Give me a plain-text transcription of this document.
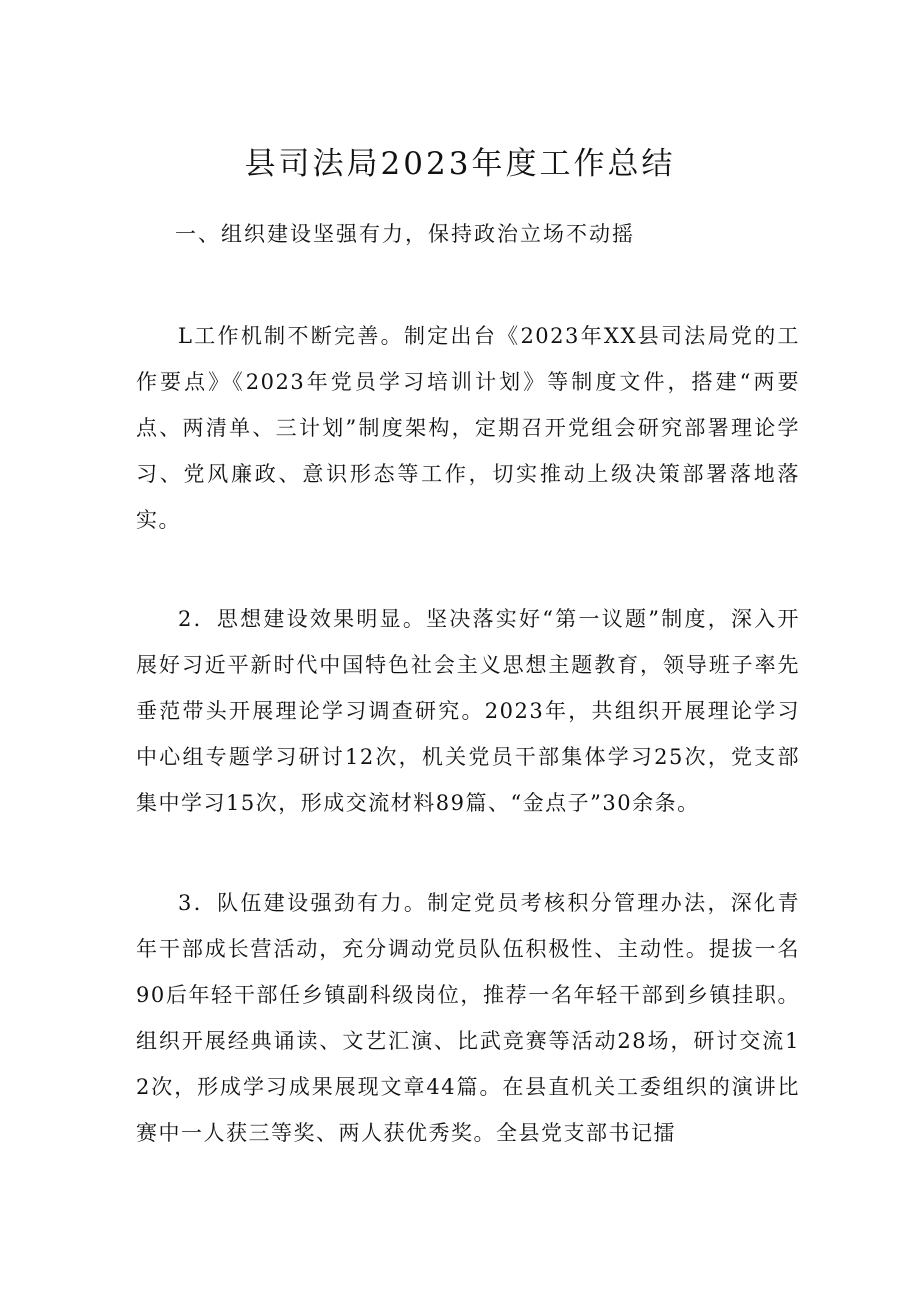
县司法局2023年度工作总结
一、组织建设坚强有力，保持政治立场不动摇

L工作机制不断完善。制定出台《2023年XX县司法局党的工作要点》《2023年党员学习培训计划》等制度文件，搭建“两要点、两清单、三计划”制度架构，定期召开党组会研究部署理论学习、党风廉政、意识形态等工作，切实推动上级决策部署落地落实。

2．思想建设效果明显。坚决落实好“第一议题”制度，深入开展好习近平新时代中国特色社会主义思想主题教育，领导班子率先垂范带头开展理论学习调查研究。2023年，共组织开展理论学习中心组专题学习研讨12次，机关党员干部集体学习25次，党支部集中学习15次，形成交流材料89篇、“金点子”30余条。

3．队伍建设强劲有力。制定党员考核积分管理办法，深化青年干部成长营活动，充分调动党员队伍积极性、主动性。提拔一名90后年轻干部任乡镇副科级岗位，推荐一名年轻干部到乡镇挂职。组织开展经典诵读、文艺汇演、比武竞赛等活动28场，研讨交流12次，形成学习成果展现文章44篇。在县直机关工委组织的演讲比赛中一人获三等奖、两人获优秀奖。全县党支部书记擂
